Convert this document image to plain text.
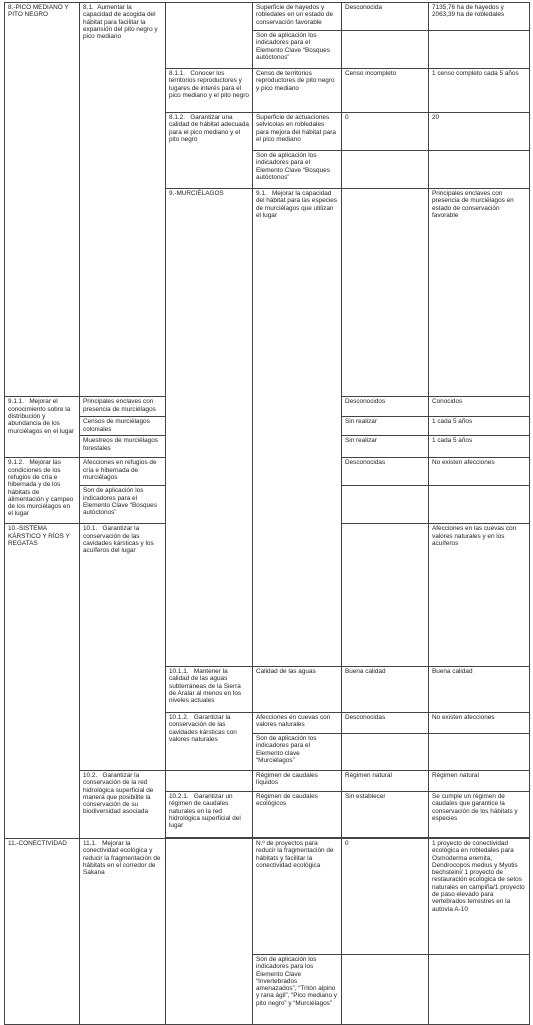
8.-PICO MEDIANO Y PITO NEGRO	8.1.  Aumentar la capacidad de acogida del hábitat para facilitar la expansión del pito negro y pico mediano		Superficie de hayedos y robledales en un estado de conservación favorable	Desconocida	7135,76 ha de hayedos y 2063,39 ha de robledales	
			Son de aplicación los indicadores para el Elemento Clave “Bosques autóctonos”			
		8.1.1.   Conocer los territorios reproductores y lugares de interés para el pico mediano y el pito negro	Censo de territorios reproductores de pito negro y pico mediano	Censo incompleto	1 censo completo cada 5 años	
		8.1.2.   Garantizar una calidad de hábitat adecuada para el pico mediano y el pito negro	Superficie de actuaciones selvícolas en robledales para mejora del hábitat para el pico mediano	0	20	
			Son de aplicación los indicadores para el Elemento Clave “Bosques autóctonos”			
		9.-MURCIÉLAGOS	9.1.   Mejorar la capacidad del hábitat para las especies de murciélagos que utilizan el lugar		Principales enclaves con presencia de murciélagos en estado de conservación favorable		
9.1.1.   Mejorar el conocimiento sobre la distribución y abundancia de los murciélagos en el lugar	Principales enclaves con presencia de murciélagos			Desconocidos	Conocidos	
	Censos de murciélagos coloniales			Sin realizar	1 cada 5 años	
	Muestreos de murciélagos forestales			Sin realizar	1 cada 5 años	
9.1.2.   Mejorar las condiciones de los refugios de cría e hibernada y de los hábitats de alimentación y campeo de los murciélagos en el lugar	Afecciones en refugios de cría e hibernada de murciélagos			Desconocidas	No existen afecciones	
	Son de aplicación los indicadores para el Elemento Clave “Bosques autóctonos”					
10.-SISTEMA KÁRSTICO Y RÍOS Y REGATAS	10.1.   Garantizar la conservación de las cavidades kársticas y los acuíferos del lugar				Afecciones en las cuevas con valores naturales y en los acuíferos		
		10.1.1.   Mantener la calidad de las aguas subterráneas de la Sierra de Aralar al menos en los niveles actuales	Calidad de las aguas	Buena calidad	Buena calidad	
		10.1.2.   Garantizar la conservación de las cavidades kársticas con valores naturales	Afecciones en cuevas con valores naturales	Desconocidas	No existen afecciones	
			Son de aplicación los indicadores para el Elemento clave “Murciélagos”			
	10.2.   Garantizar la conservación de la red hidrológica superficial de manera que posibilite la conservación de su biodiversidad asociada		Régimen de caudales líquidos	Régimen natural	Régimen natural	
		10.2.1.   Garantizar un régimen de caudales naturales en la red hidrológica superficial del lugar	Régimen de caudales ecológicos	Sin establecer	Se cumple un régimen de caudales que garantice la conservación de los hábitats y especies	

11.-CONECTIVIDAD	11.1.   Mejorar la conectividad ecológica y reducir la fragmentación de hábitats en el corredor de Sakana		N.º de proyectos para reducir la fragmentación de hábitats y facilitar la conectividad ecológica	0	1 proyecto de conectividad ecológica en robledales para Osmoderma eremita, Dendrocopos medius y Myotis bechsteini/ 1 proyecto de restauración ecológica de setos naturales en campiña/1 proyecto de paso elevado para vertebrados terrestres en la autovía A-10	
			Son de aplicación los indicadores para los Elemento Clave “Invertebrados amenazados”, “Tritón alpino y rana ágil”, “Pico mediano y pito negro” y “Murciélagos”			
